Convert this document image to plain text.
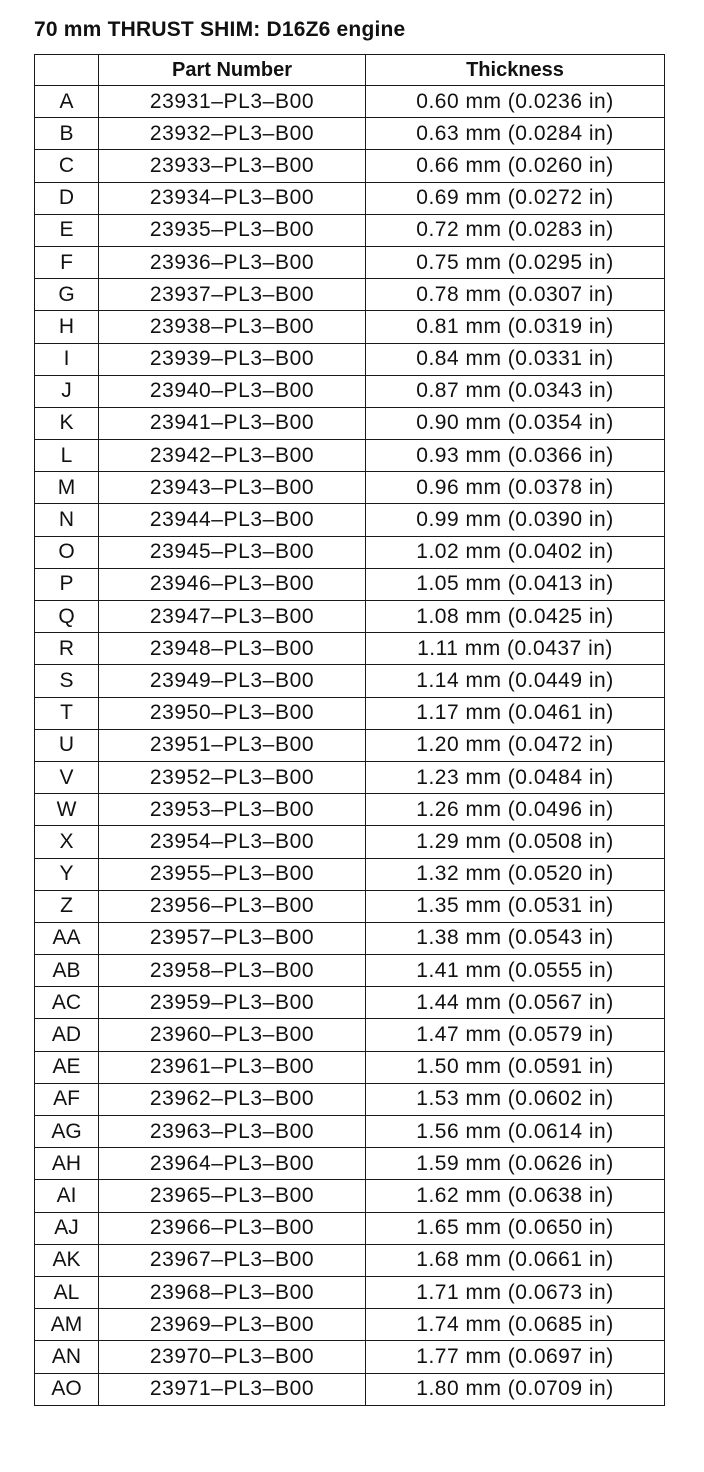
70 mm THRUST SHIM: D16Z6 engine
	Part Number	Thickness
A	23931–PL3–B00	0.60 mm (0.0236 in)
B	23932–PL3–B00	0.63 mm (0.0284 in)
C	23933–PL3–B00	0.66 mm (0.0260 in)
D	23934–PL3–B00	0.69 mm (0.0272 in)
E	23935–PL3–B00	0.72 mm (0.0283 in)
F	23936–PL3–B00	0.75 mm (0.0295 in)
G	23937–PL3–B00	0.78 mm (0.0307 in)
H	23938–PL3–B00	0.81 mm (0.0319 in)
I	23939–PL3–B00	0.84 mm (0.0331 in)
J	23940–PL3–B00	0.87 mm (0.0343 in)
K	23941–PL3–B00	0.90 mm (0.0354 in)
L	23942–PL3–B00	0.93 mm (0.0366 in)
M	23943–PL3–B00	0.96 mm (0.0378 in)
N	23944–PL3–B00	0.99 mm (0.0390 in)
O	23945–PL3–B00	1.02 mm (0.0402 in)
P	23946–PL3–B00	1.05 mm (0.0413 in)
Q	23947–PL3–B00	1.08 mm (0.0425 in)
R	23948–PL3–B00	1.11 mm (0.0437 in)
S	23949–PL3–B00	1.14 mm (0.0449 in)
T	23950–PL3–B00	1.17 mm (0.0461 in)
U	23951–PL3–B00	1.20 mm (0.0472 in)
V	23952–PL3–B00	1.23 mm (0.0484 in)
W	23953–PL3–B00	1.26 mm (0.0496 in)
X	23954–PL3–B00	1.29 mm (0.0508 in)
Y	23955–PL3–B00	1.32 mm (0.0520 in)
Z	23956–PL3–B00	1.35 mm (0.0531 in)
AA	23957–PL3–B00	1.38 mm (0.0543 in)
AB	23958–PL3–B00	1.41 mm (0.0555 in)
AC	23959–PL3–B00	1.44 mm (0.0567 in)
AD	23960–PL3–B00	1.47 mm (0.0579 in)
AE	23961–PL3–B00	1.50 mm (0.0591 in)
AF	23962–PL3–B00	1.53 mm (0.0602 in)
AG	23963–PL3–B00	1.56 mm (0.0614 in)
AH	23964–PL3–B00	1.59 mm (0.0626 in)
AI	23965–PL3–B00	1.62 mm (0.0638 in)
AJ	23966–PL3–B00	1.65 mm (0.0650 in)
AK	23967–PL3–B00	1.68 mm (0.0661 in)
AL	23968–PL3–B00	1.71 mm (0.0673 in)
AM	23969–PL3–B00	1.74 mm (0.0685 in)
AN	23970–PL3–B00	1.77 mm (0.0697 in)
AO	23971–PL3–B00	1.80 mm (0.0709 in)
